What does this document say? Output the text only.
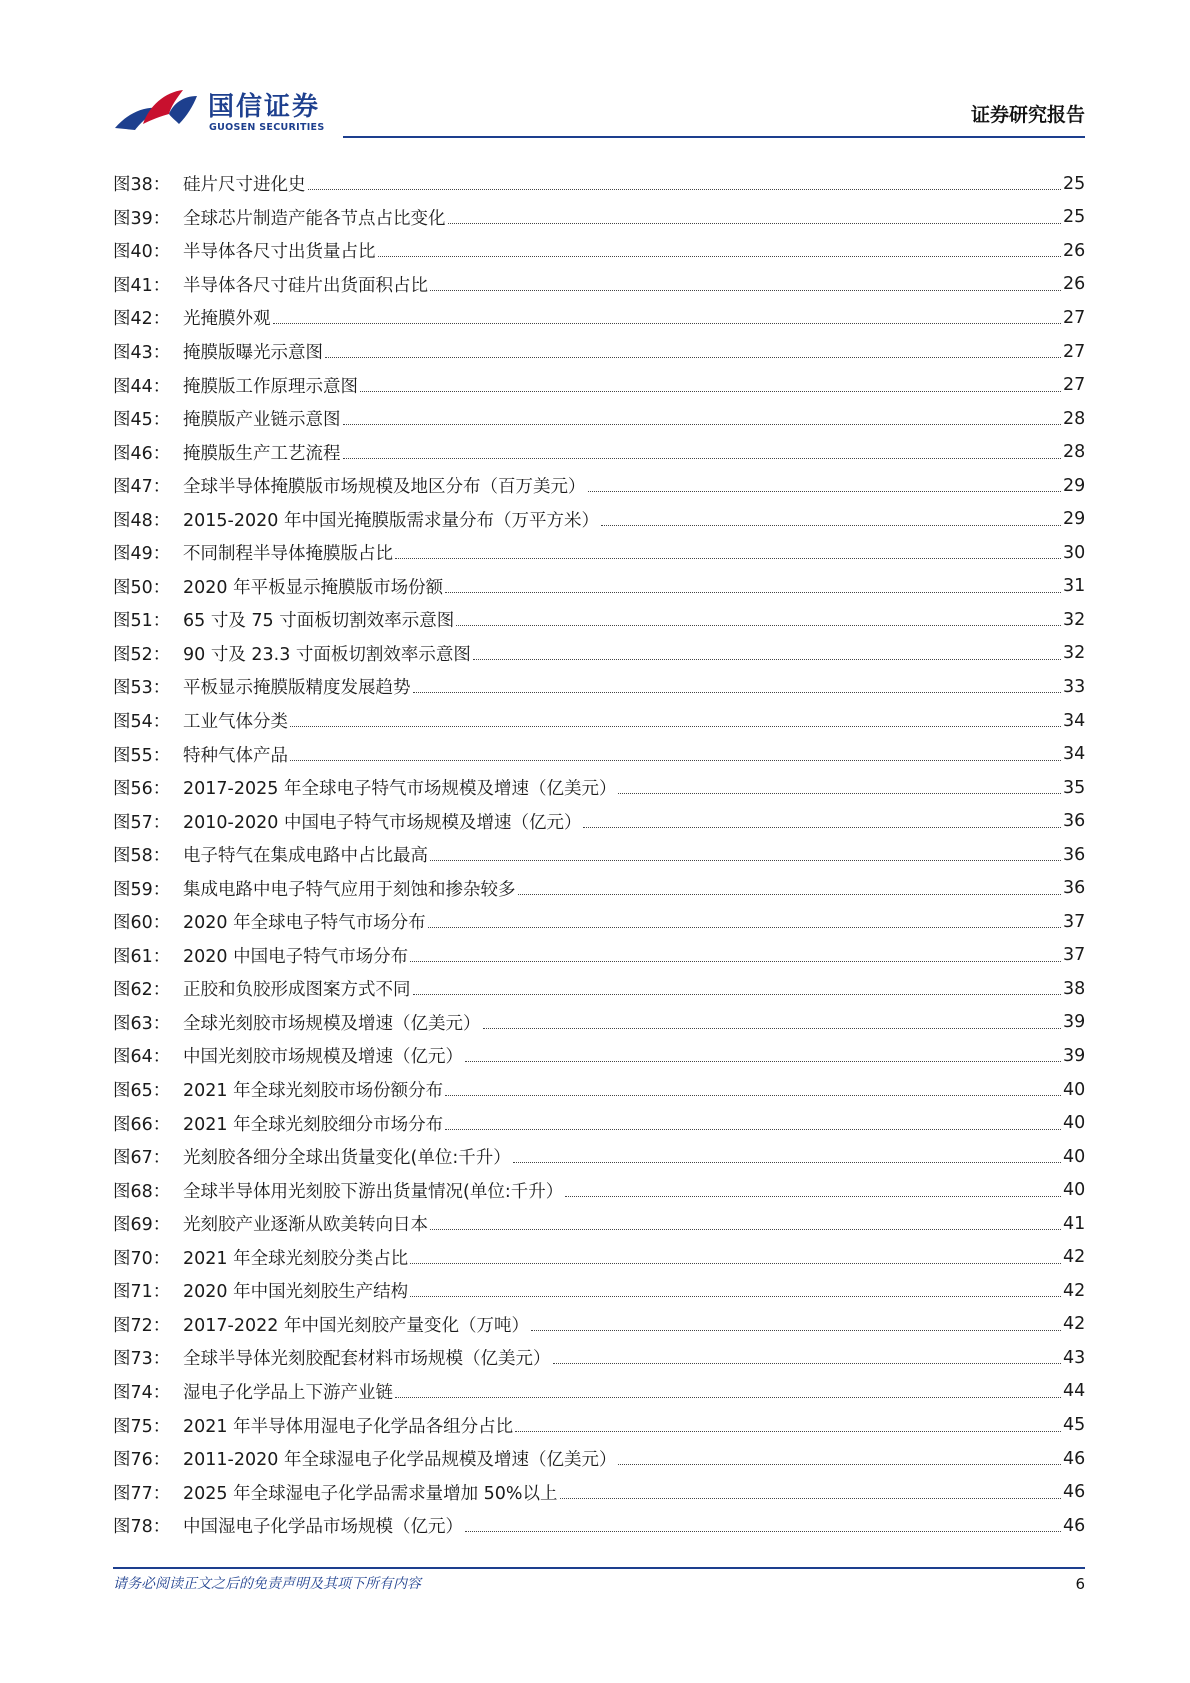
国信证券
GUOSEN SECURITIES
证券研究报告
图38： 硅片尺寸进化史	25
图39： 全球芯片制造产能各节点占比变化	25
图40： 半导体各尺寸出货量占比	26
图41： 半导体各尺寸硅片出货面积占比	26
图42： 光掩膜外观	27
图43： 掩膜版曝光示意图	27
图44： 掩膜版工作原理示意图	27
图45： 掩膜版产业链示意图	28
图46： 掩膜版生产工艺流程	28
图47： 全球半导体掩膜版市场规模及地区分布（百万美元）	29
图48： 2015-2020 年中国光掩膜版需求量分布（万平方米）	29
图49： 不同制程半导体掩膜版占比	30
图50： 2020 年平板显示掩膜版市场份额	31
图51： 65 寸及 75 寸面板切割效率示意图	32
图52： 90 寸及 23.3 寸面板切割效率示意图	32
图53： 平板显示掩膜版精度发展趋势	33
图54： 工业气体分类	34
图55： 特种气体产品	34
图56： 2017-2025 年全球电子特气市场规模及增速（亿美元）	35
图57： 2010-2020 中国电子特气市场规模及增速（亿元）	36
图58： 电子特气在集成电路中占比最高	36
图59： 集成电路中电子特气应用于刻蚀和掺杂较多	36
图60： 2020 年全球电子特气市场分布	37
图61： 2020 中国电子特气市场分布	37
图62： 正胶和负胶形成图案方式不同	38
图63： 全球光刻胶市场规模及增速（亿美元）	39
图64： 中国光刻胶市场规模及增速（亿元）	39
图65： 2021 年全球光刻胶市场份额分布	40
图66： 2021 年全球光刻胶细分市场分布	40
图67： 光刻胶各细分全球出货量变化(单位:千升）	40
图68： 全球半导体用光刻胶下游出货量情况(单位:千升）	40
图69： 光刻胶产业逐渐从欧美转向日本	41
图70： 2021 年全球光刻胶分类占比	42
图71： 2020 年中国光刻胶生产结构	42
图72： 2017-2022 年中国光刻胶产量变化（万吨）	42
图73： 全球半导体光刻胶配套材料市场规模（亿美元）	43
图74： 湿电子化学品上下游产业链	44
图75： 2021 年半导体用湿电子化学品各组分占比	45
图76： 2011-2020 年全球湿电子化学品规模及增速（亿美元）	46
图77： 2025 年全球湿电子化学品需求量增加 50%以上	46
图78： 中国湿电子化学品市场规模（亿元）	46
请务必阅读正文之后的免责声明及其项下所有内容	6
